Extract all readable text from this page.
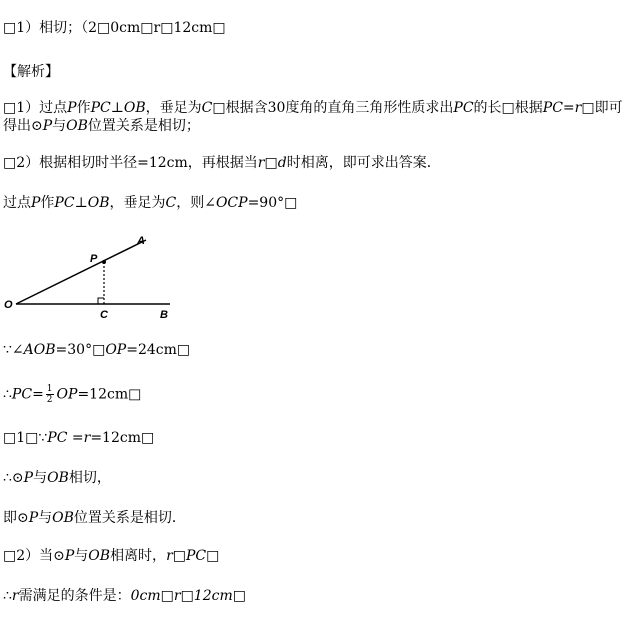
□1）相切；（2□0cm□r□12cm□
【解析】
□1）过点P作PC⊥OB，垂足为C□根据含30度角的直角三角形性质求出PC的长□根据PC=r□即可
得出⊙P与OB位置关系是相切；
□2）根据相切时半径=12cm，再根据当r□d时相离，即可求出答案．
过点P作PC⊥OB，垂足为C，则∠OCP=90°□
A
P
O
C	B
∵∠AOB=30°□OP=24cm□
∴PC= $\frac{1}{2}$ OP=12cm□
□1□∵PC =r=12cm□
∴⊙P与OB相切，
即⊙P与OB位置关系是相切．
□2）当⊙P与OB相离时，r□PC□
∴r需满足的条件是：0cm□r□12cm□
